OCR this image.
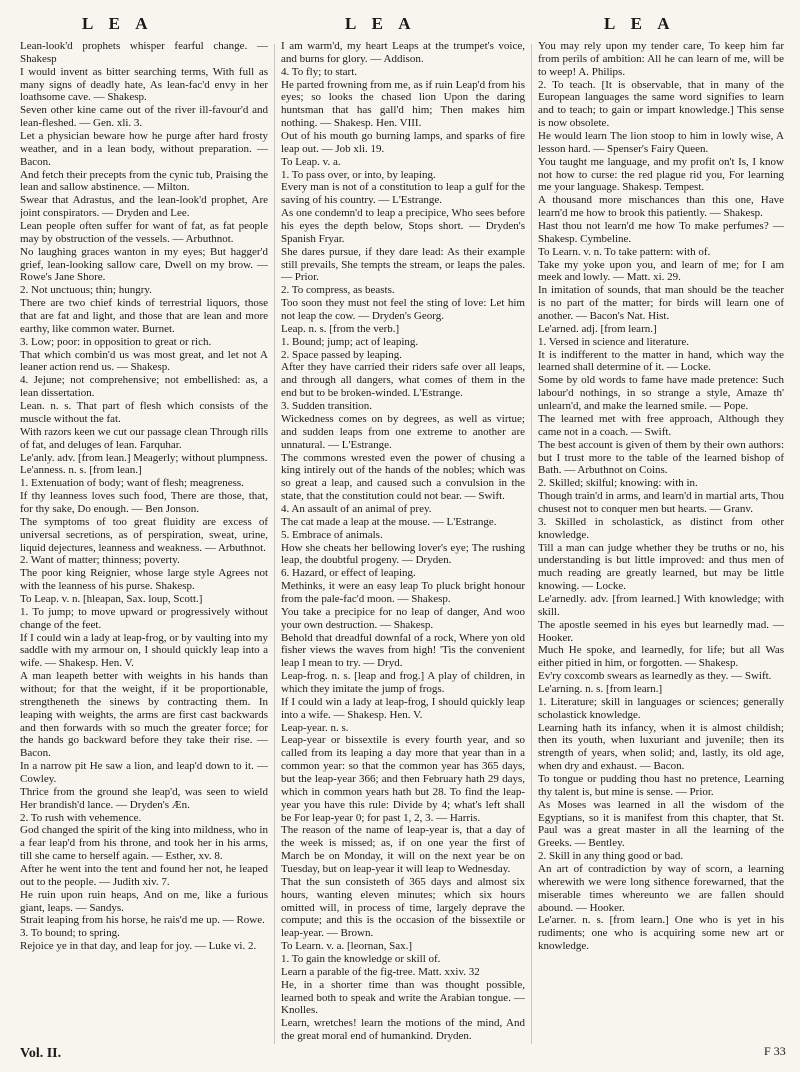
L E A	L E A	L E A

Lean-look'd prophets whisper fearful change. — Shakesp

I would invent as bitter searching terms, With full as many signs of deadly hate, As lean-fac'd envy in her loathsome cave. — Shakesp.

Seven other kine came out of the river ill-favour'd and lean-fleshed. — Gen. xli. 3.

Let a physician beware how he purge after hard frosty weather, and in a lean body, without preparation. — Bacon.

And fetch their precepts from the cynic tub, Praising the lean and sallow abstinence. — Milton.

Swear that Adrastus, and the lean-look'd prophet, Are joint conspirators. — Dryden and Lee.

Lean people often suffer for want of fat, as fat people may by obstruction of the vessels. — Arbuthnot.

No laughing graces wanton in my eyes; But hagger'd grief, lean-looking sallow care, Dwell on my brow. — Rowe's Jane Shore.

2. Not unctuous; thin; hungry.

There are two chief kinds of terrestrial liquors, those that are fat and light, and those that are lean and more earthy, like common water. Burnet.

3. Low; poor: in opposition to great or rich.

That which combin'd us was most great, and let not A leaner action rend us. — Shakesp.

4. Jejune; not comprehensive; not embellished: as, a lean dissertation.

Lean. n. s. That part of flesh which consists of the muscle without the fat.

With razors keen we cut our passage clean Through rills of fat, and deluges of lean. Farquhar.

Le'anly. adv. [from lean.] Meagerly; without plumpness.

Le'anness. n. s. [from lean.]

1. Extenuation of body; want of flesh; meagreness.

If thy leanness loves such food, There are those, that, for thy sake, Do enough. — Ben Jonson.

The symptoms of too great fluidity are excess of universal secretions, as of perspiration, sweat, urine, liquid dejectures, leanness and weakness. — Arbuthnot.

2. Want of matter; thinness; poverty.

The poor king Reignier, whose large style Agrees not with the leanness of his purse. Shakesp.

To Leap. v. n. [hleapan, Sax. loup, Scott.]

1. To jump; to move upward or progressively without change of the feet.

If I could win a lady at leap-frog, or by vaulting into my saddle with my armour on, I should quickly leap into a wife. — Shakesp. Hen. V.

A man leapeth better with weights in his hands than without; for that the weight, if it be proportionable, strengtheneth the sinews by contracting them. In leaping with weights, the arms are first cast backwards and then forwards with so much the greater force; for the hands go backward before they take their rise. — Bacon.

In a narrow pit He saw a lion, and leap'd down to it. — Cowley.

Thrice from the ground she leap'd, was seen to wield Her brandish'd lance. — Dryden's Æn.

2. To rush with vehemence.

God changed the spirit of the king into mildness, who in a fear leap'd from his throne, and took her in his arms, till she came to herself again. — Esther, xv. 8.

After he went into the tent and found her not, he leaped out to the people. — Judith xiv. 7.

He ruin upon ruin heaps, And on me, like a furious giant, leaps. — Sandys.

Strait leaping from his horse, he rais'd me up. — Rowe.

3. To bound; to spring.

Rejoice ye in that day, and leap for joy. — Luke vi. 2.

I am warm'd, my heart Leaps at the trumpet's voice, and burns for glory. — Addison.

4. To fly; to start.

He parted frowning from me, as if ruin Leap'd from his eyes; so looks the chased lion Upon the daring huntsman that has gall'd him; Then makes him nothing. — Shakesp. Hen. VIII.

Out of his mouth go burning lamps, and sparks of fire leap out. — Job xli. 19.

To Leap. v. a.

1. To pass over, or into, by leaping.

Every man is not of a constitution to leap a gulf for the saving of his country. — L'Estrange.

As one condemn'd to leap a precipice, Who sees before his eyes the depth below, Stops short. — Dryden's Spanish Fryar.

She dares pursue, if they dare lead: As their example still prevails, She tempts the stream, or leaps the pales. — Prior.

2. To compress, as beasts.

Too soon they must not feel the sting of love: Let him not leap the cow. — Dryden's Georg.

Leap. n. s. [from the verb.]

1. Bound; jump; act of leaping.

2. Space passed by leaping.

After they have carried their riders safe over all leaps, and through all dangers, what comes of them in the end but to be broken-winded. L'Estrange.

3. Sudden transition.

Wickedness comes on by degrees, as well as virtue; and sudden leaps from one extreme to another are unnatural. — L'Estrange.

The commons wrested even the power of chusing a king intirely out of the hands of the nobles; which was so great a leap, and caused such a convulsion in the state, that the constitution could not bear. — Swift.

4. An assault of an animal of prey.

The cat made a leap at the mouse. — L'Estrange.

5. Embrace of animals.

How she cheats her bellowing lover's eye; The rushing leap, the doubtful progeny. — Dryden.

6. Hazard, or effect of leaping.

Methinks, it were an easy leap To pluck bright honour from the pale-fac'd moon. — Shakesp.

You take a precipice for no leap of danger, And woo your own destruction. — Shakesp.

Behold that dreadful downfal of a rock, Where yon old fisher views the waves from high! 'Tis the convenient leap I mean to try. — Dryd.

Leap-frog. n. s. [leap and frog.] A play of children, in which they imitate the jump of frogs.

If I could win a lady at leap-frog, I should quickly leap into a wife. — Shakesp. Hen. V.

Leap-year. n. s.

Leap-year or bissextile is every fourth year, and so called from its leaping a day more that year than in a common year: so that the common year has 365 days, but the leap-year 366; and then February hath 29 days, which in common years hath but 28. To find the leap-year you have this rule: Divide by 4; what's left shall be For leap-year 0; for past 1, 2, 3. — Harris.

The reason of the name of leap-year is, that a day of the week is missed; as, if on one year the first of March be on Monday, it will on the next year be on Tuesday, but on leap-year it will leap to Wednesday.

That the sun consisteth of 365 days and almost six hours, wanting eleven minutes; which six hours omitted will, in process of time, largely deprave the compute; and this is the occasion of the bissextile or leap-year. — Brown.

To Learn. v. a. [leornan, Sax.]

1. To gain the knowledge or skill of.

Learn a parable of the fig-tree. Matt. xxiv. 32

He, in a shorter time than was thought possible, learned both to speak and write the Arabian tongue. — Knolles.

Learn, wretches! learn the motions of the mind, And the great moral end of humankind. Dryden.

You may rely upon my tender care, To keep him far from perils of ambition: All he can learn of me, will be to weep! A. Philips.

2. To teach. [It is observable, that in many of the European languages the same word signifies to learn and to teach; to gain or impart knowledge.] This sense is now obsolete.

He would learn The lion stoop to him in lowly wise, A lesson hard. — Spenser's Fairy Queen.

You taught me language, and my profit on't Is, I know not how to curse: the red plague rid you, For learning me your language. Shakesp. Tempest.

A thousand more mischances than this one, Have learn'd me how to brook this patiently. — Shakesp.

Hast thou not learn'd me how To make perfumes? — Shakesp. Cymbeline.

To Learn. v. n. To take pattern: with of.

Take my yoke upon you, and learn of me; for I am meek and lowly. — Matt. xi. 29.

In imitation of sounds, that man should be the teacher is no part of the matter; for birds will learn one of another. — Bacon's Nat. Hist.

Le'arned. adj. [from learn.]

1. Versed in science and literature.

It is indifferent to the matter in hand, which way the learned shall determine of it. — Locke.

Some by old words to fame have made pretence: Such labour'd nothings, in so strange a style, Amaze th' unlearn'd, and make the learned smile. — Pope.

The learned met with free approach, Although they came not in a coach. — Swift.

The best account is given of them by their own authors: but I trust more to the table of the learned bishop of Bath. — Arbuthnot on Coins.

2. Skilled; skilful; knowing: with in.

Though train'd in arms, and learn'd in martial arts, Thou chusest not to conquer men but hearts. — Granv.

3. Skilled in scholastick, as distinct from other knowledge.

Till a man can judge whether they be truths or no, his understanding is but little improved: and thus men of much reading are greatly learned, but may be little knowing. — Locke.

Le'arnedly. adv. [from learned.] With knowledge; with skill.

The apostle seemed in his eyes but learnedly mad. — Hooker.

Much He spoke, and learnedly, for life; but all Was either pitied in him, or forgotten. — Shakesp.

Ev'ry coxcomb swears as learnedly as they. — Swift.

Le'arning. n. s. [from learn.]

1. Literature; skill in languages or sciences; generally scholastick knowledge.

Learning hath its infancy, when it is almost childish; then its youth, when luxuriant and juvenile; then its strength of years, when solid; and, lastly, its old age, when dry and exhaust. — Bacon.

To tongue or pudding thou hast no pretence, Learning thy talent is, but mine is sense. — Prior.

As Moses was learned in all the wisdom of the Egyptians, so it is manifest from this chapter, that St. Paul was a great master in all the learning of the Greeks. — Bentley.

2. Skill in any thing good or bad.

An art of contradiction by way of scorn, a learning wherewith we were long sithence forewarned, that the miserable times whereunto we are fallen should abound. — Hooker.

Le'arner. n. s. [from learn.] One who is yet in his rudiments; one who is acquiring some new art or knowledge.

Vol. II.	F 33
